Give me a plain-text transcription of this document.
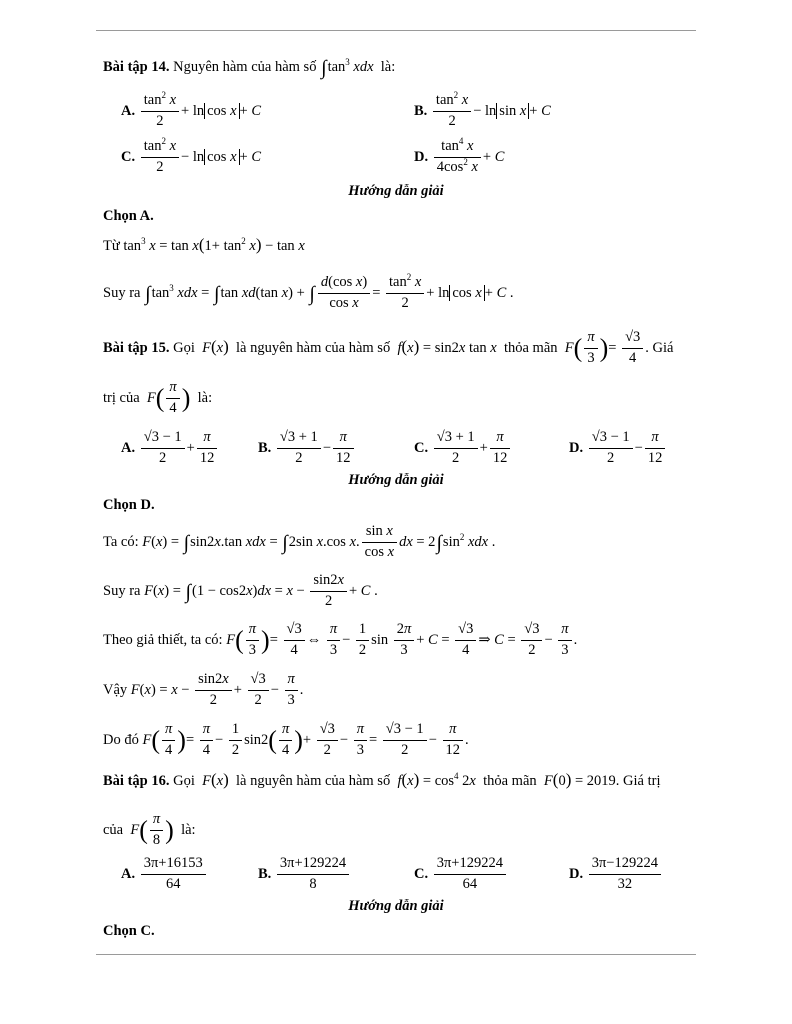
Bài tập 14. Nguyên hàm của hàm số $\int\tan^3$ xdx là:
A. $\frac{\tan^2 x}{2} + \ln \cos x + C$	B. $\frac{\tan^2 x}{2} - \ln \sin x + C$
C. $\frac{\tan^2 x}{2} - \ln \cos x + C$	D. $\frac{\tan^4 x}{4\cos^2 x} + C$
Hướng dẫn giải
Chọn A.
Từ $\tan^3 x = \tan x(1+ \tan^2 x) - \tan x$
Suy ra $\int\tan^3$ xdx = ∫tan xd(tan x) + ∫ $\frac{\text{d(cos x)}}{\text{cos x}} = \frac{\tan^2 x}{2} + \ln \cos x + C$ .
Bài tập 15. Gọi F(x) là nguyên hàm của hàm số f(x) = sin2x tan x thỏa mãn $F( \frac{\pi}{3}$ )= $\frac{√3}{4}$ . Giá
trị của $F( \frac{\pi}{4}$ ) là:
A. $\frac{√3 - 1}{2} + \frac{\pi}{12}$	B. $\frac{√3 + 1}{2} - \frac{\pi}{12}$	C. $\frac{√3 + 1}{2} + \frac{\pi}{12}$	D. $\frac{√3 - 1}{2} - \frac{\pi}{12}$
Hướng dẫn giải
Chọn D.
Ta có: F(x) = ∫sin2x.tan xdx = ∫2sin x.cos x. $\frac{\text{sin x}}{\text{cos x}}$ dx = $2\int\sin^2$ xdx .
Suy ra $F(x) = \int(1 - \cos 2x)dx = x - \frac{\sin 2x}{2} + C$ .
Theo giả thiết, ta có: $F( \frac{\pi}{3}$ )= $\frac{√3}{4}$ ⇔ $\frac{\pi}{3} - \frac{1}{2}$ $\sin \frac{2\pi}{3} + C = \frac{√3}{4}$ ⇒ $C = \frac{√3}{2} - \frac{\pi}{3}$ .
Vậy $F(x) = x - \frac{\sin 2x}{2} + \frac{√3}{2} - \frac{\pi}{3}$ .
Do đó $F( \frac{\pi}{4}$ )= $\frac{\pi}{4} - \frac{1}{2} \sin 2( \frac{\pi}{4}$ )+ $\frac{√3}{2} - \frac{\pi}{3} = \frac{√3 - 1}{2} - \frac{\pi}{12}$ .
Bài tập 16. Gọi F(x) là nguyên hàm của hàm số $f(x) = \cos^4 2x$ thỏa mãn F(0) = 2019. Giá trị
của $F( \frac{\pi}{8}$ ) là:
A. $\frac{3\pi+16153}{64}$	B. $\frac{3\pi+129224}{8}$	C. $\frac{3\pi+129224}{64}$	D. $\frac{3\pi-129224}{32}$
Hướng dẫn giải
Chọn C.
